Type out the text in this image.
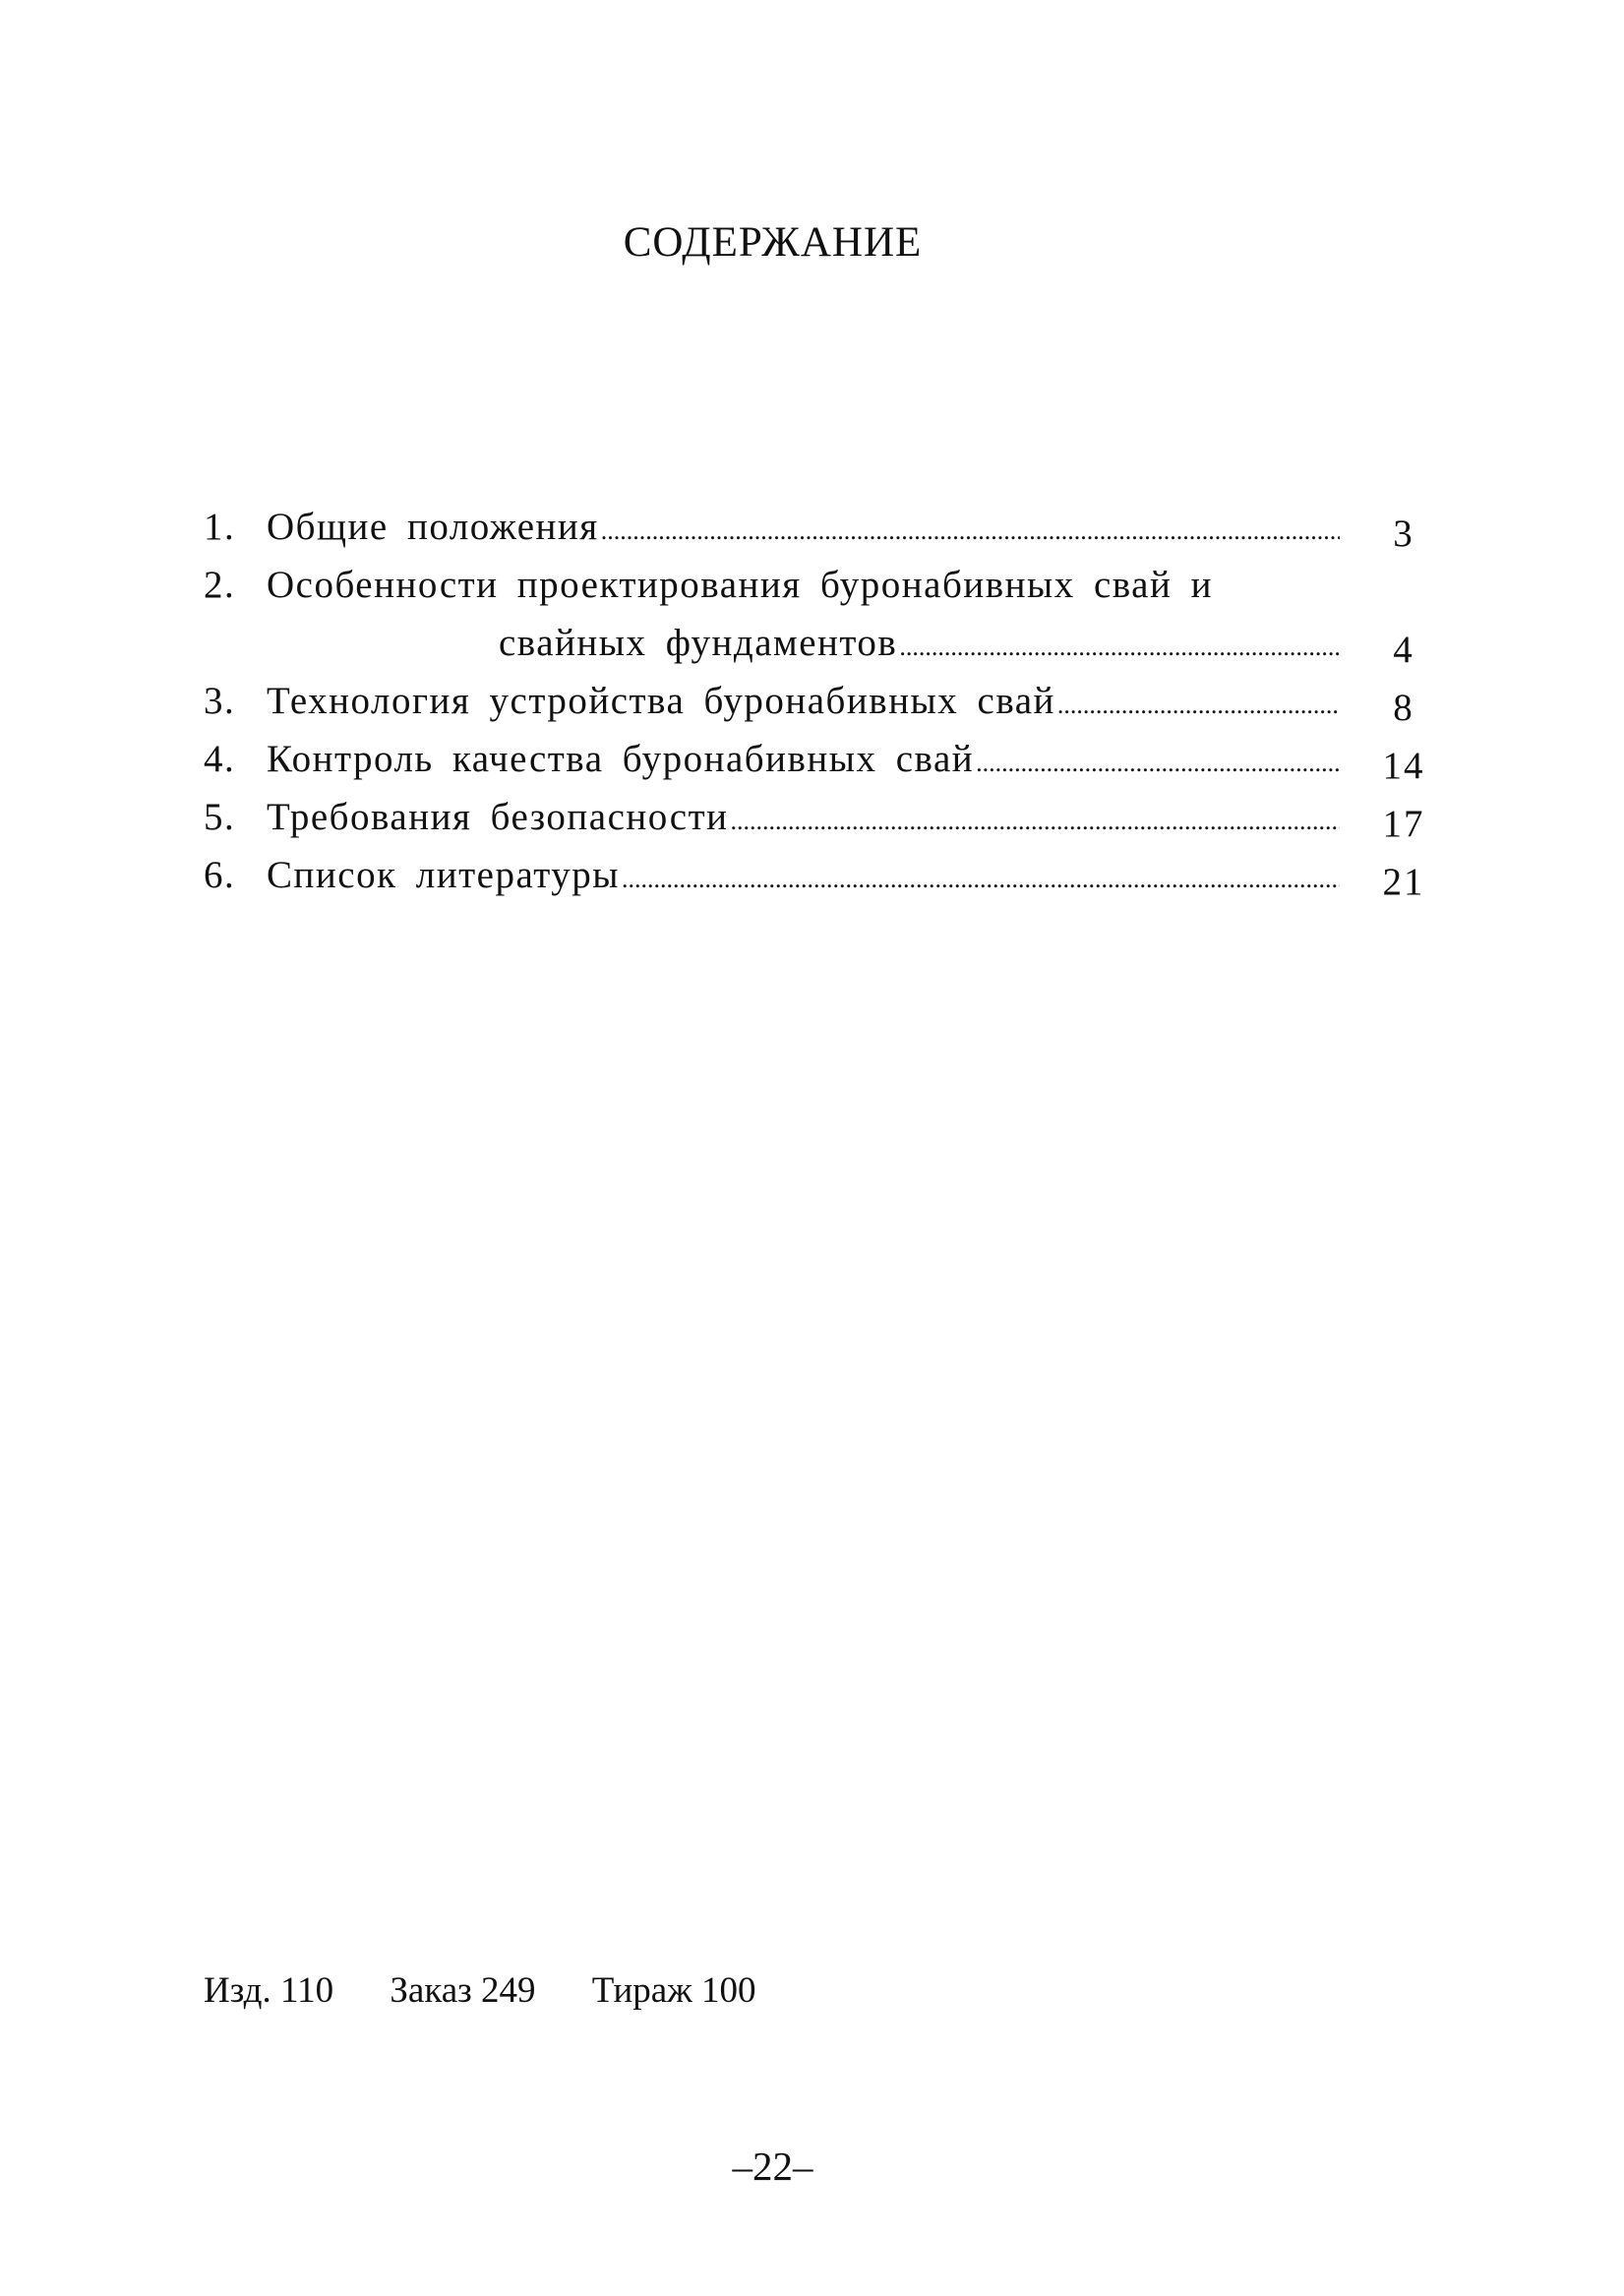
СОДЕРЖАНИЕ
1. Общие положения .....	3
2. Особенности проектирования буронабивных свай и
свайных фундаментов .....	4
3. Технология устройства буронабивных свай .....	8
4. Контроль качества буронабивных свай .....	14
5. Требования безопасности .....	17
6. Список литературы .....	21
Изд. 110 Заказ 249 Тираж 100
–22–
